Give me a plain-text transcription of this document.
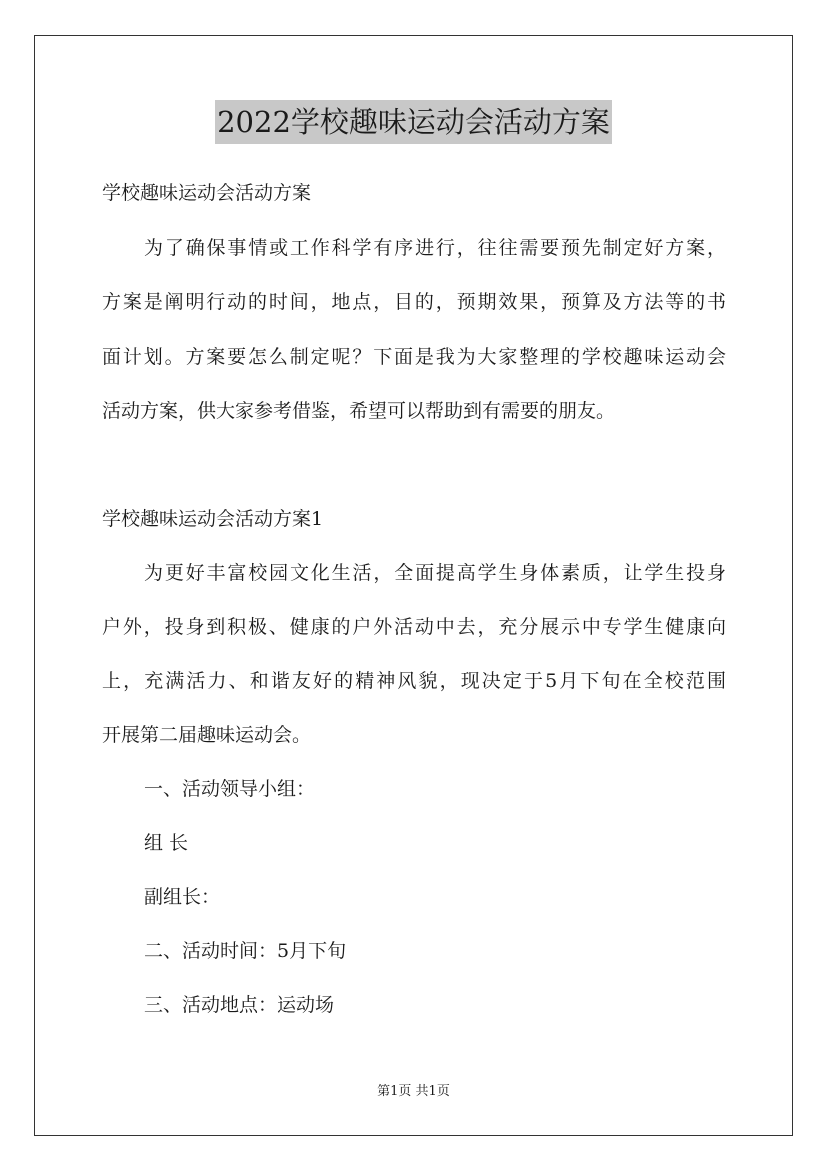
2022学校趣味运动会活动方案
学校趣味运动会活动方案
为了确保事情或工作科学有序进行，往往需要预先制定好方案，
方案是阐明行动的时间，地点，目的，预期效果，预算及方法等的书
面计划。方案要怎么制定呢？下面是我为大家整理的学校趣味运动会
活动方案，供大家参考借鉴，希望可以帮助到有需要的朋友。
学校趣味运动会活动方案1
为更好丰富校园文化生活，全面提高学生身体素质，让学生投身
户外，投身到积极、健康的户外活动中去，充分展示中专学生健康向
上，充满活力、和谐友好的精神风貌，现决定于5月下旬在全校范围
开展第二届趣味运动会。
一、活动领导小组：
组 长
副组长：
二、活动时间：5月下旬
三、活动地点：运动场
第1页 共1页
